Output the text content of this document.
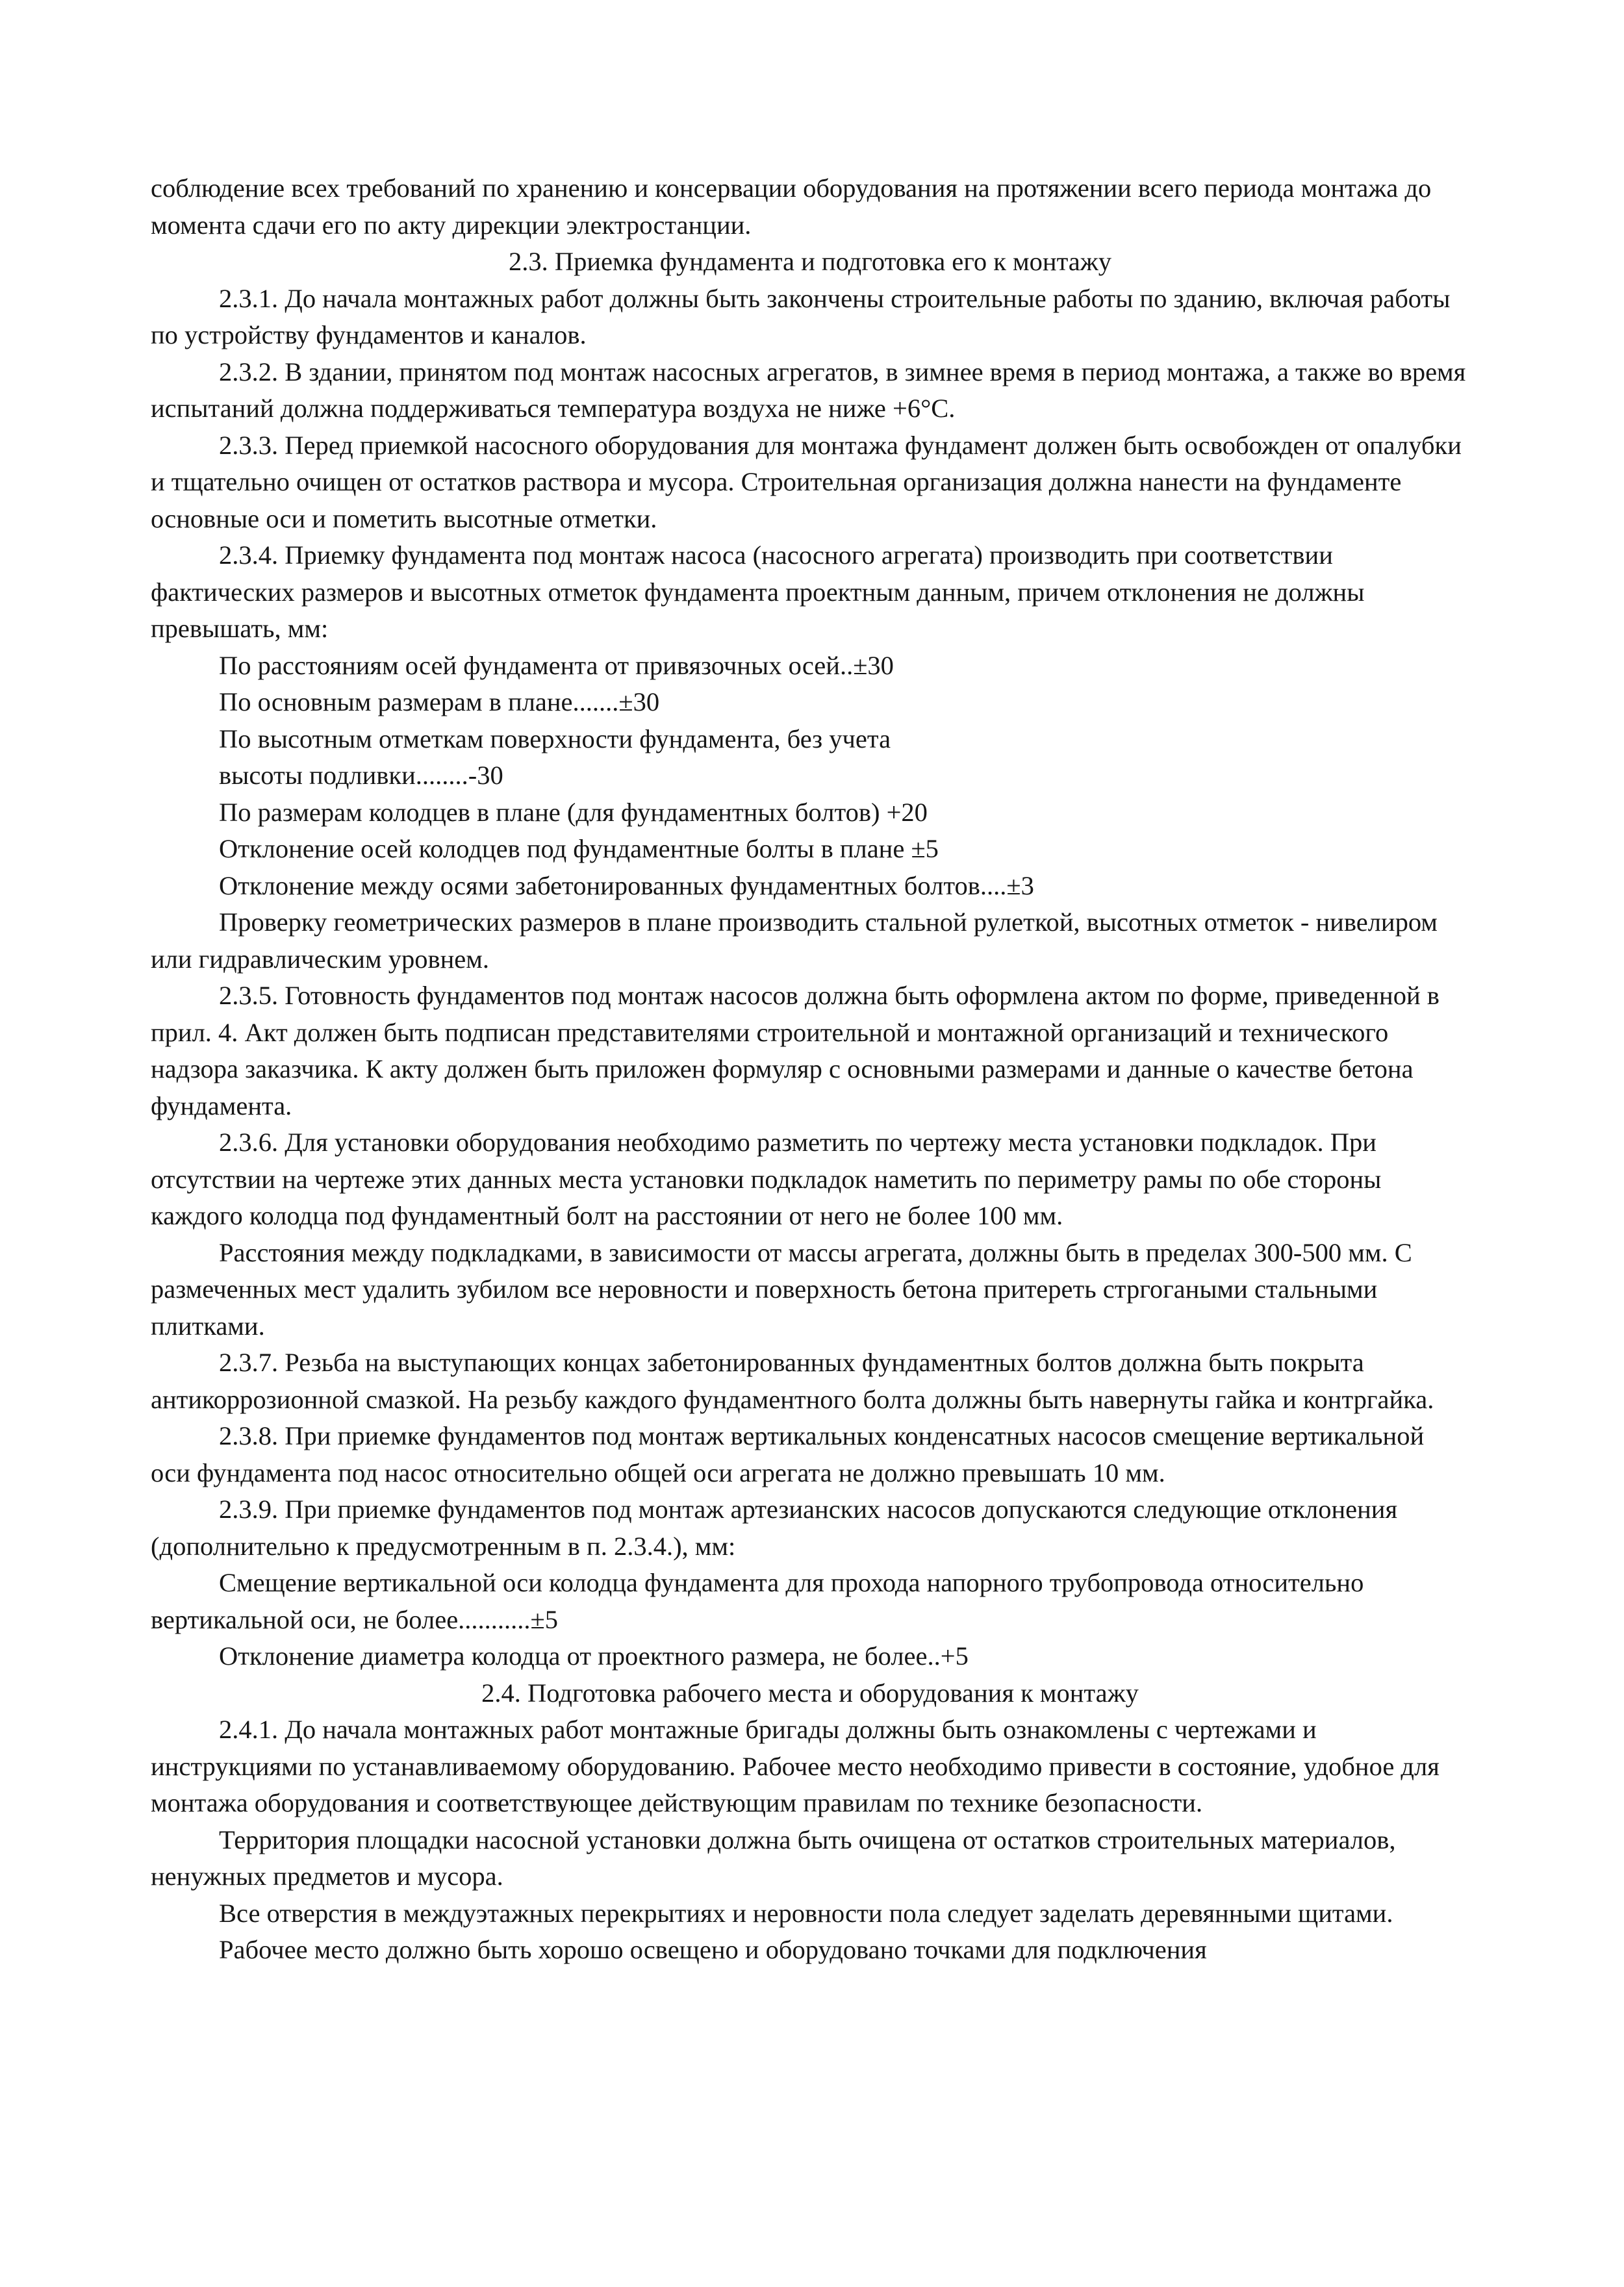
соблюдение всех требований по хранению и консервации оборудования на протяжении всего периода монтажа до момента сдачи его по акту дирекции электростанции.

2.3. Приемка фундамента и подготовка его к монтажу

2.3.1. До начала монтажных работ должны быть закончены строительные работы по зданию, включая работы по устройству фундаментов и каналов.

2.3.2. В здании, принятом под монтаж насосных агрегатов, в зимнее время в период монтажа, а также во время испытаний должна поддерживаться температура воздуха не ниже +6°С.

2.3.3. Перед приемкой насосного оборудования для монтажа фундамент должен быть освобожден от опалубки и тщательно очищен от остатков раствора и мусора. Строительная организация должна нанести на фундаменте основные оси и пометить высотные отметки.

2.3.4. Приемку фундамента под монтаж насоса (насосного агрегата) производить при соответствии фактических размеров и высотных отметок фундамента проектным данным, причем отклонения не должны превышать, мм:

По расстояниям осей фундамента от привязочных осей..±30

По основным размерам в плане.......±30

По высотным отметкам поверхности фундамента, без учета

высоты подливки........-30

По размерам колодцев в плане (для фундаментных болтов) +20

Отклонение осей колодцев под фундаментные болты в плане ±5

Отклонение между осями забетонированных фундаментных болтов....±3

Проверку геометрических размеров в плане производить стальной рулеткой, высотных отметок - нивелиром или гидравлическим уровнем.

2.3.5. Готовность фундаментов под монтаж насосов должна быть оформлена актом по форме, приведенной в прил. 4. Акт должен быть подписан представителями строительной и монтажной организаций и технического надзора заказчика. К акту должен быть приложен формуляр с основными размерами и данные о качестве бетона фундамента.

2.3.6. Для установки оборудования необходимо разметить по чертежу места установки подкладок. При отсутствии на чертеже этих данных места установки подкладок наметить по периметру рамы по обе стороны каждого колодца под фундаментный болт на расстоянии от него не более 100 мм.

Расстояния между подкладками, в зависимости от массы агрегата, должны быть в пределах 300-500 мм. С размеченных мест удалить зубилом все неровности и поверхность бетона притереть стргогаными стальными плитками.

2.3.7. Резьба на выступающих концах забетонированных фундаментных болтов должна быть покрыта антикоррозионной смазкой. На резьбу каждого фундаментного болта должны быть навернуты гайка и контргайка.

2.3.8. При приемке фундаментов под монтаж вертикальных конденсатных насосов смещение вертикальной оси фундамента под насос относительно общей оси агрегата не должно превышать 10 мм.

2.3.9. При приемке фундаментов под монтаж артезианских насосов допускаются следующие отклонения (дополнительно к предусмотренным в п. 2.3.4.), мм:

Смещение вертикальной оси колодца фундамента для прохода напорного трубопровода относительно вертикальной оси, не более...........±5

Отклонение диаметра колодца от проектного размера, не более..+5

2.4. Подготовка рабочего места и оборудования к монтажу

2.4.1. До начала монтажных работ монтажные бригады должны быть ознакомлены с чертежами и инструкциями по устанавливаемому оборудованию. Рабочее место необходимо привести в состояние, удобное для монтажа оборудования и соответствующее действующим правилам по технике безопасности.

Территория площадки насосной установки должна быть очищена от остатков строительных материалов, ненужных предметов и мусора.

Все отверстия в междуэтажных перекрытиях и неровности пола следует заделать деревянными щитами.

Рабочее место должно быть хорошо освещено и оборудовано точками для подключения
